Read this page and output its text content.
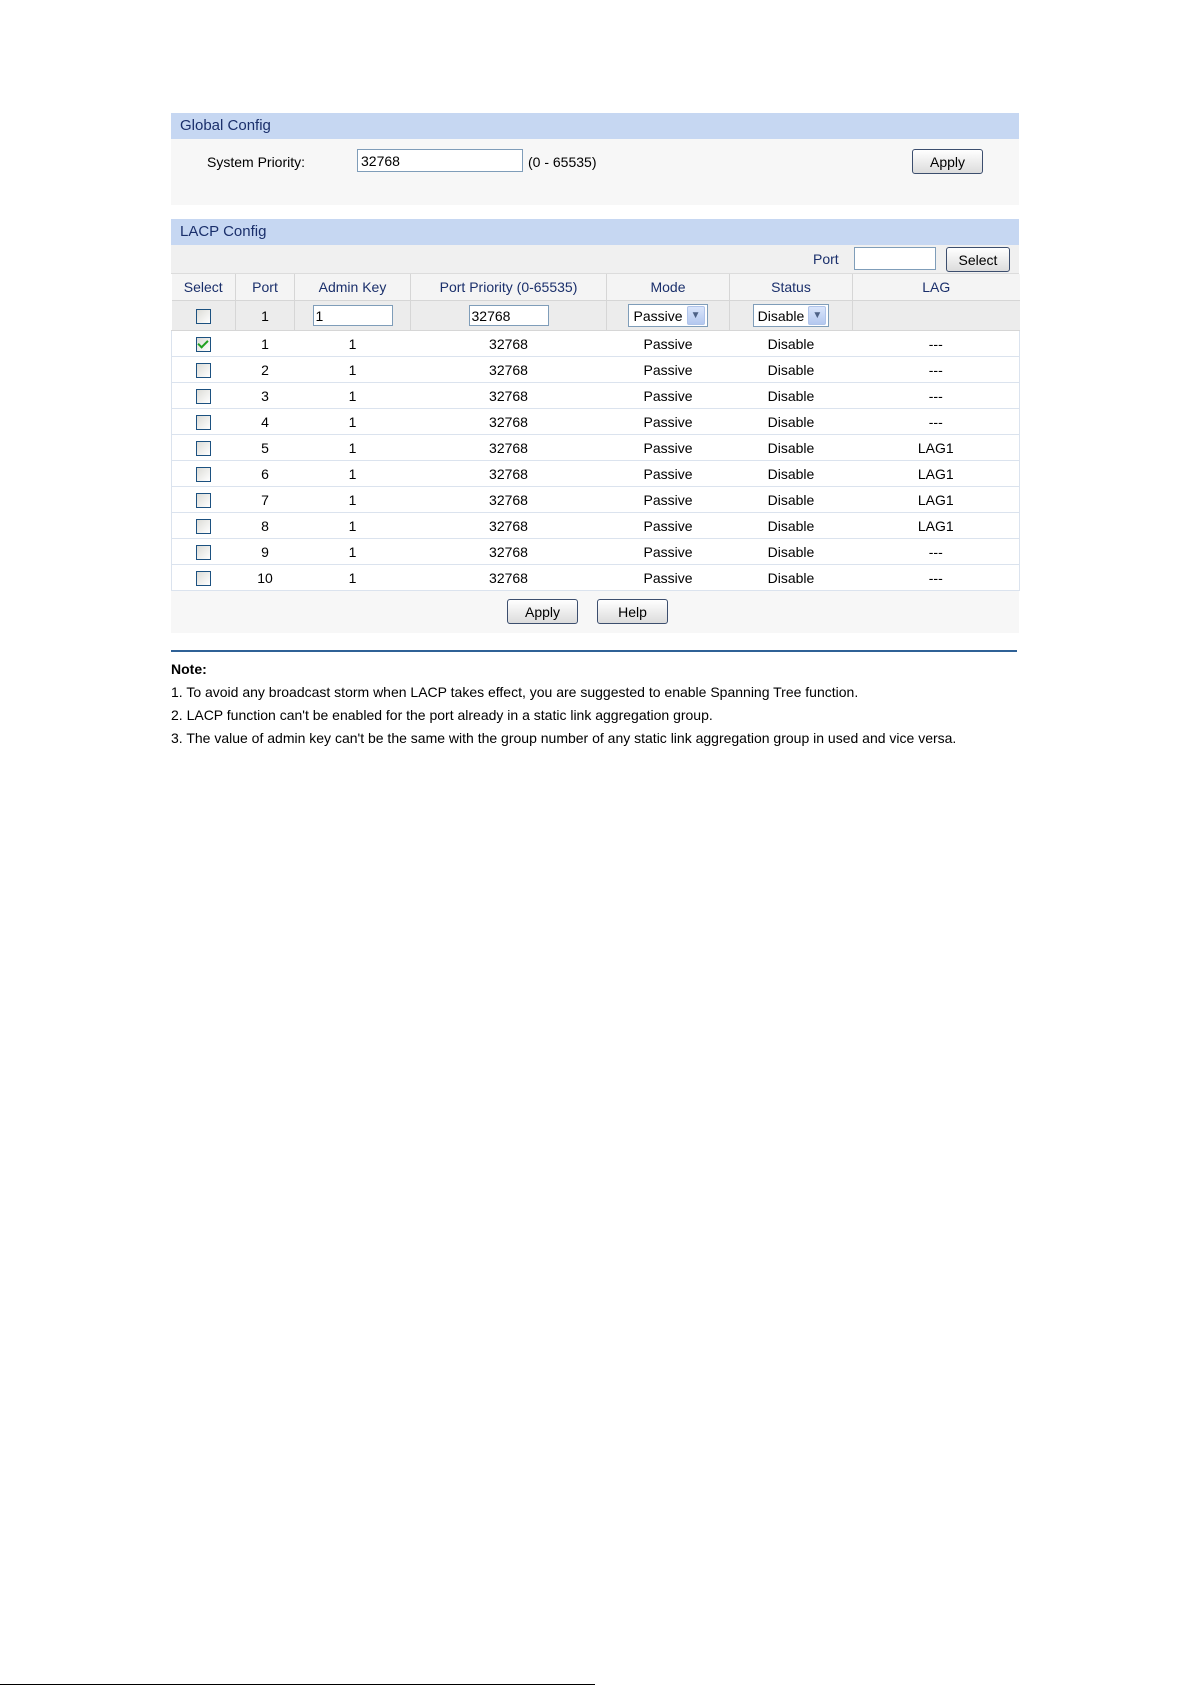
Global Config
System Priority:
32768	(0 - 65535)	Apply
LACP Config
Port	Select
Select	Port	Admin Key	Port Priority (0-65535)	Mode	Status	LAG
	1	1	32768	Passive ▼	Disable ▼	

	1	1	32768	Passive	Disable	---
	2	1	32768	Passive	Disable	---
	3	1	32768	Passive	Disable	---
	4	1	32768	Passive	Disable	---
	5	1	32768	Passive	Disable	LAG1
	6	1	32768	Passive	Disable	LAG1
	7	1	32768	Passive	Disable	LAG1
	8	1	32768	Passive	Disable	LAG1
	9	1	32768	Passive	Disable	---
	10	1	32768	Passive	Disable	---
Apply	Help
Note:
1. To avoid any broadcast storm when LACP takes effect, you are suggested to enable Spanning Tree function.
2. LACP function can't be enabled for the port already in a static link aggregation group.
3. The value of admin key can't be the same with the group number of any static link aggregation group in used and vice versa.
